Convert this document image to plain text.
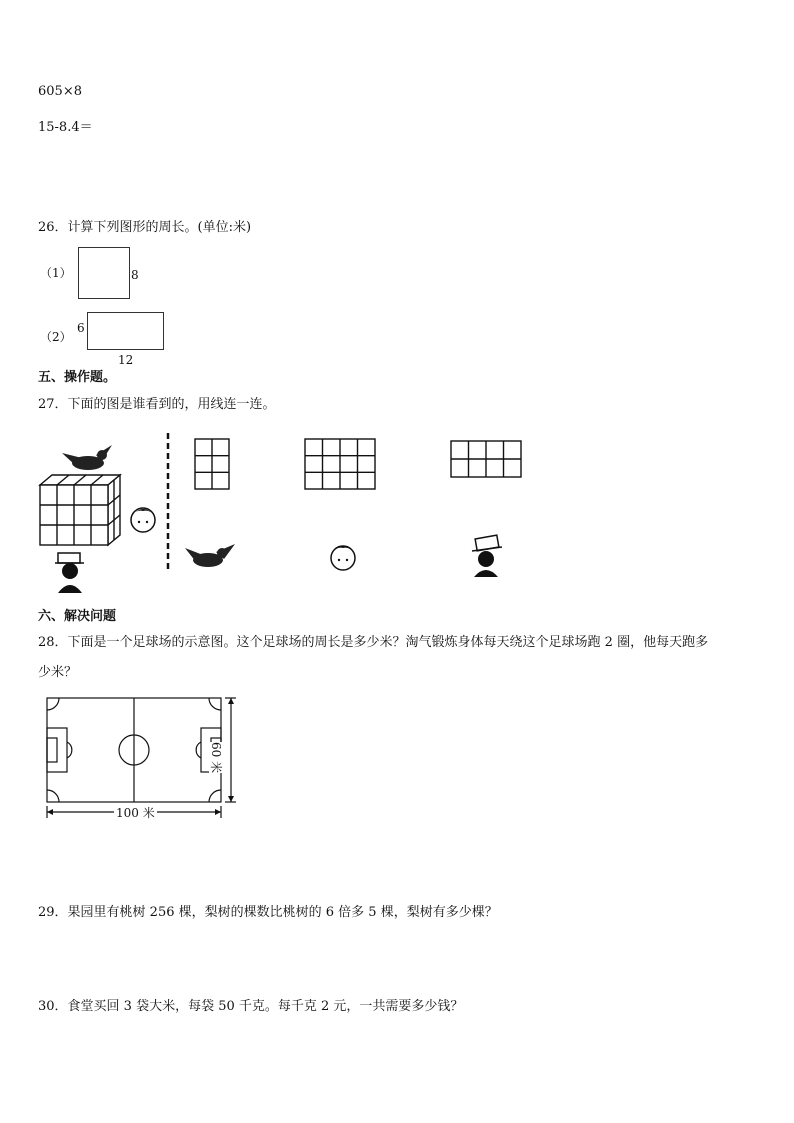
605×8
15-8.4＝
26．计算下列图形的周长。(单位:米)
（1）	8
（2）
6
12
五、操作题。
27．下面的图是谁看到的，用线连一连。
六、解决问题
28．下面是一个足球场的示意图。这个足球场的周长是多少米？淘气锻炼身体每天绕这个足球场跑 2 圈，他每天跑多
少米？
60 米
100 米
29．果园里有桃树 256 棵，梨树的棵数比桃树的 6 倍多 5 棵，梨树有多少棵？
30．食堂买回 3 袋大米，每袋 50 千克。每千克 2 元，一共需要多少钱？
